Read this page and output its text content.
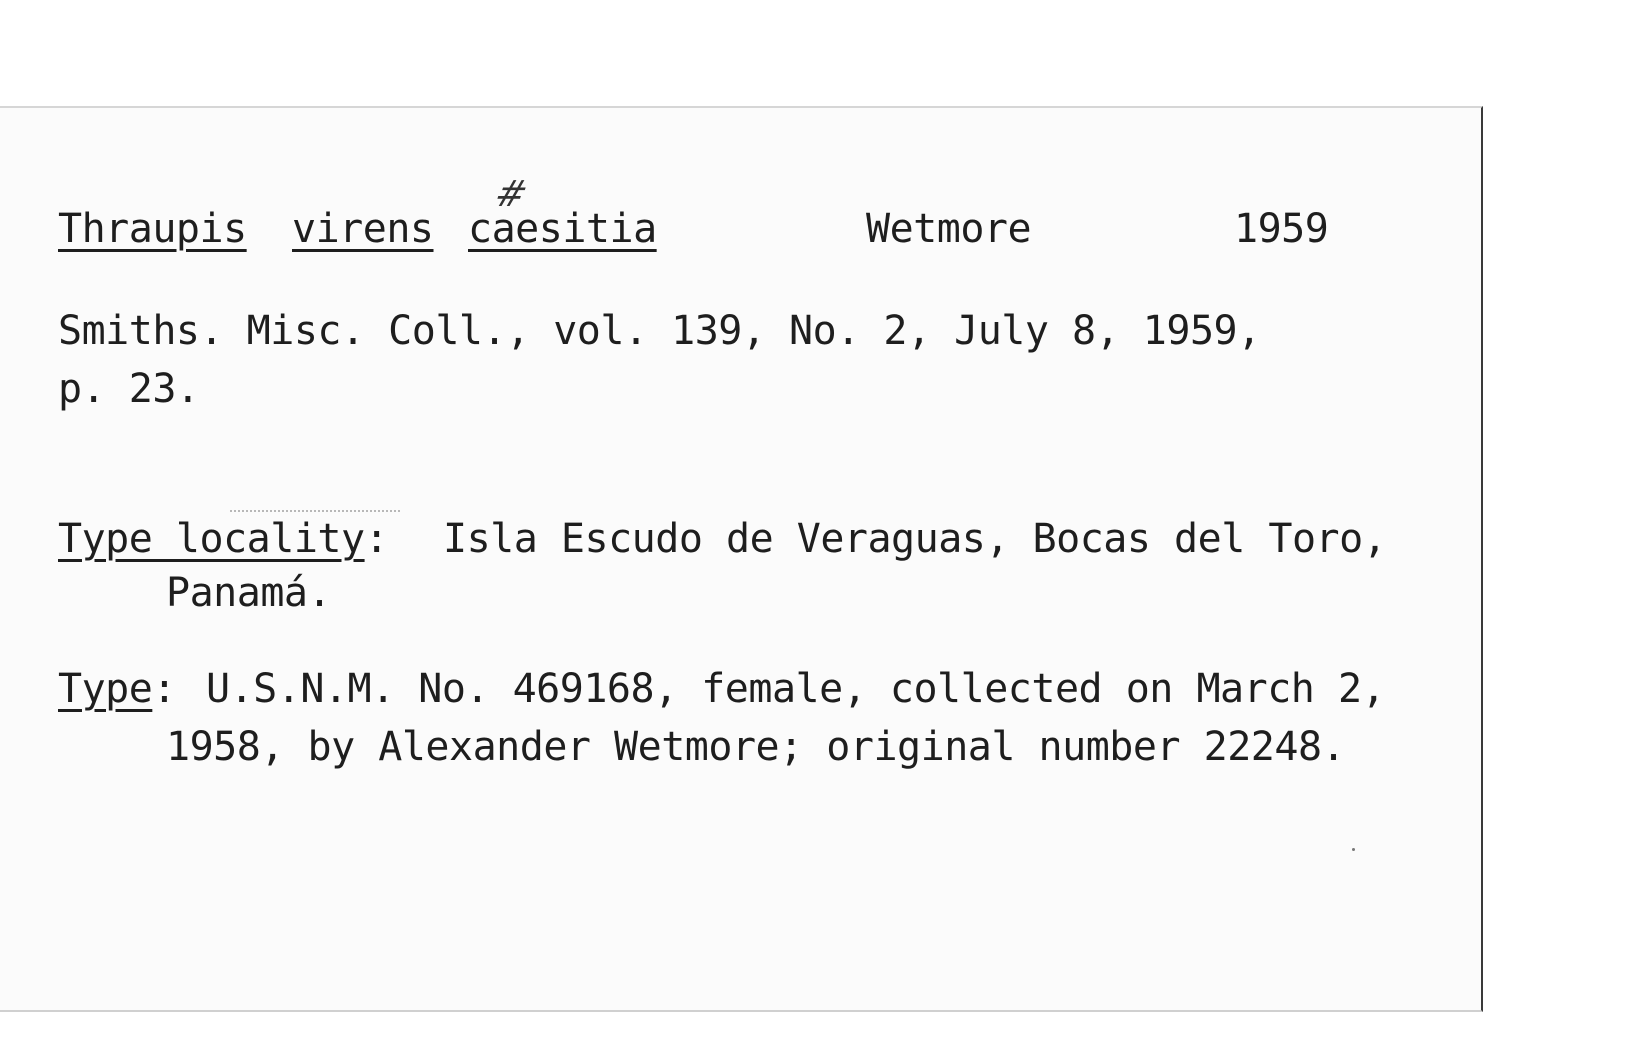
Thraupis virens caesitia
#
Wetmore	1959
Smiths. Misc. Coll., vol. 139, No. 2, July 8, 1959,
p. 23.
Type locality: Isla Escudo de Veraguas, Bocas del Toro,
Panamá.
Type: U.S.N.M. No. 469168, female, collected on March 2,
1958, by Alexander Wetmore; original number 22248.
